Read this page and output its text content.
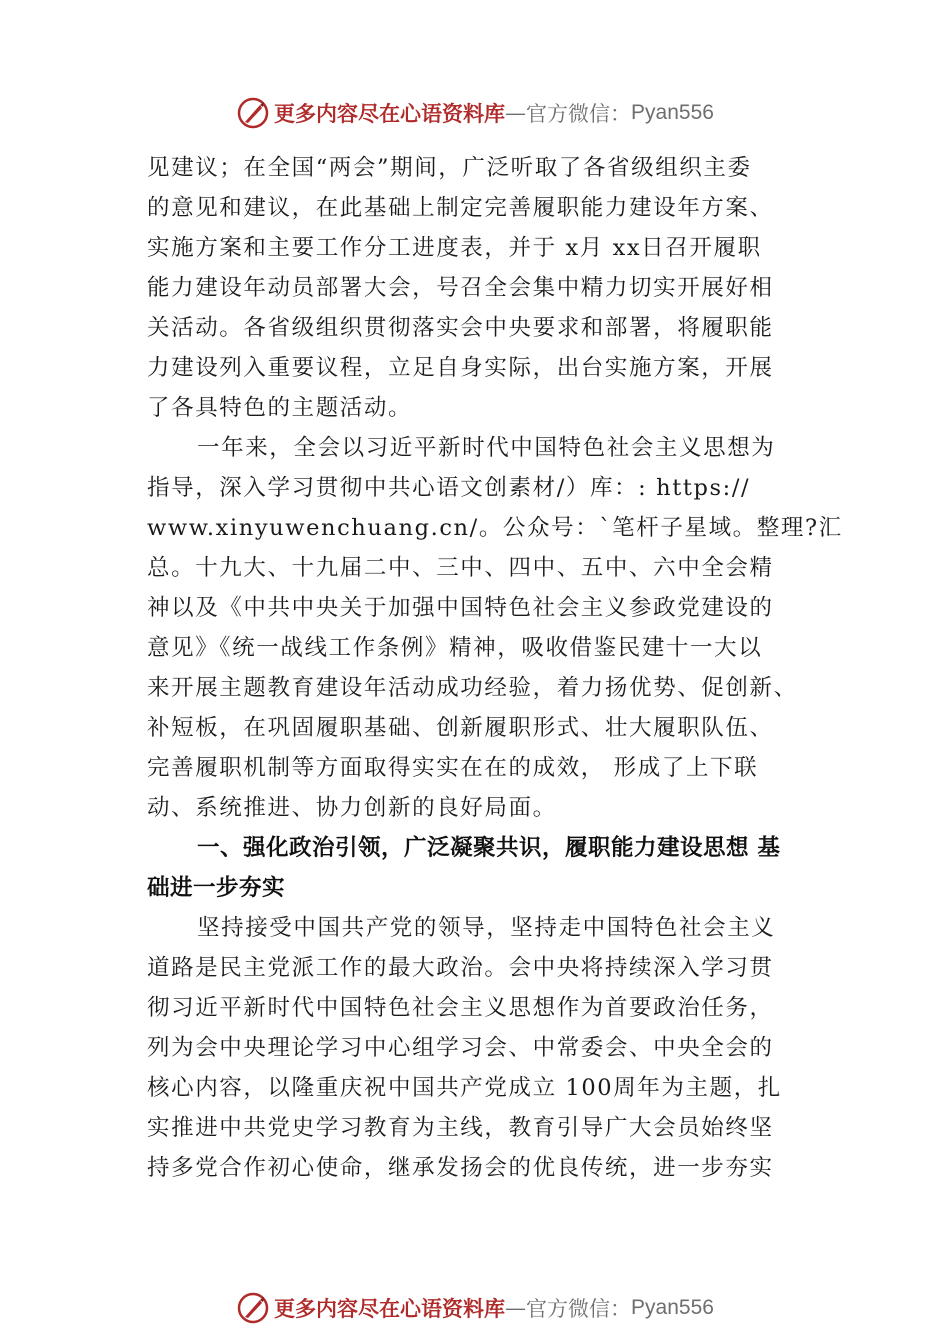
更多内容尽在心语资料库 — 官方微信： Pyan556
见建议；在全国“两会”期间，广泛听取了各省级组织主委
的意见和建议，在此基础上制定完善履职能力建设年方案、
实施方案和主要工作分工进度表，并于 x月 xx日召开履职
能力建设年动员部署大会，号召全会集中精力切实开展好相
关活动。各省级组织贯彻落实会中央要求和部署，将履职能
力建设列入重要议程，立足自身实际，出台实施方案，开展
了各具特色的主题活动。
一年来，全会以习近平新时代中国特色社会主义思想为
指导，深入学习贯彻中共心语文创素材/）库：: https://
www.xinyuwenchuang.cn/。公众号：`笔杆子星域。整理?汇
总。十九大、十九届二中、三中、四中、五中、六中全会精
神以及《中共中央关于加强中国特色社会主义参政党建设的
意见》《统一战线工作条例》精神，吸收借鉴民建十一大以
来开展主题教育建设年活动成功经验，着力扬优势、促创新、
补短板，在巩固履职基础、创新履职形式、壮大履职队伍、
完善履职机制等方面取得实实在在的成效， 形成了上下联
动、系统推进、协力创新的良好局面。
一、强化政治引领，广泛凝聚共识，履职能力建设思想 基
础进一步夯实
坚持接受中国共产党的领导，坚持走中国特色社会主义
道路是民主党派工作的最大政治。会中央将持续深入学习贯
彻习近平新时代中国特色社会主义思想作为首要政治任务，
列为会中央理论学习中心组学习会、中常委会、中央全会的
核心内容，以隆重庆祝中国共产党成立 100周年为主题，扎
实推进中共党史学习教育为主线，教育引导广大会员始终坚
持多党合作初心使命，继承发扬会的优良传统，进一步夯实
更多内容尽在心语资料库 — 官方微信： Pyan556
